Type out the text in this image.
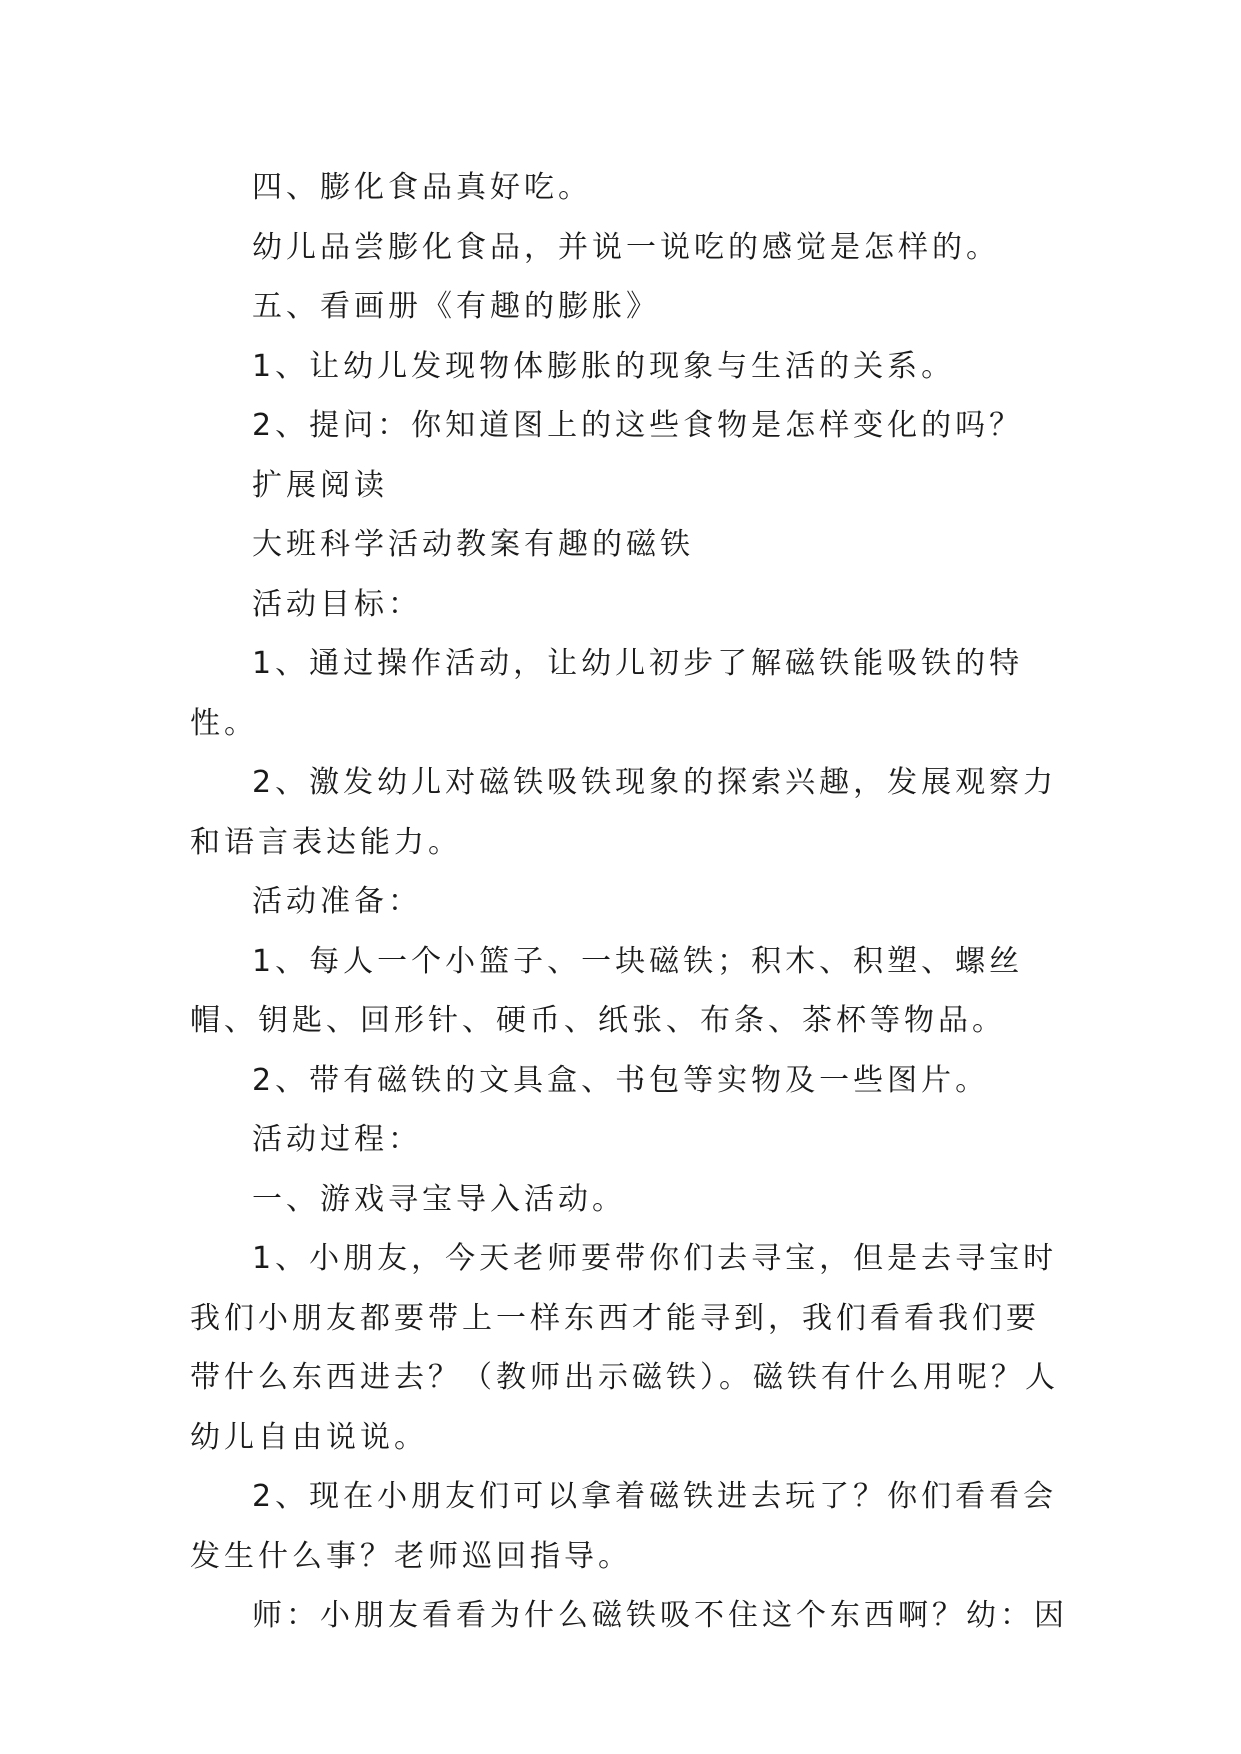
四、膨化食品真好吃。

幼儿品尝膨化食品，并说一说吃的感觉是怎样的。

五、看画册《有趣的膨胀》

1、让幼儿发现物体膨胀的现象与生活的关系。

2、提问：你知道图上的这些食物是怎样变化的吗？

扩展阅读

大班科学活动教案有趣的磁铁

活动目标：

1、通过操作活动，让幼儿初步了解磁铁能吸铁的特性。

2、激发幼儿对磁铁吸铁现象的探索兴趣，发展观察力和语言表达能力。

活动准备：

1、每人一个小篮子、一块磁铁；积木、积塑、螺丝帽、钥匙、回形针、硬币、纸张、布条、茶杯等物品。

2、带有磁铁的文具盒、书包等实物及一些图片。

活动过程：

一、游戏寻宝导入活动。

1、小朋友，今天老师要带你们去寻宝，但是去寻宝时我们小朋友都要带上一样东西才能寻到，我们看看我们要带什么东西进去？（教师出示磁铁）。磁铁有什么用呢？人幼儿自由说说。

2、现在小朋友们可以拿着磁铁进去玩了？你们看看会发生什么事？老师巡回指导。

师：小朋友看看为什么磁铁吸不住这个东西啊？幼：因
